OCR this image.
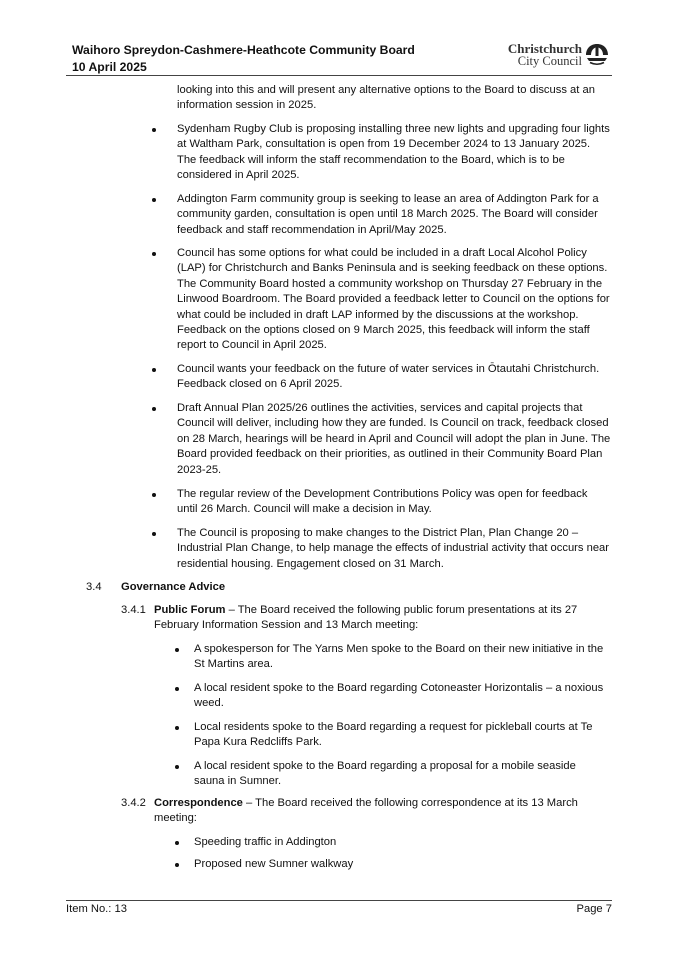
Waihoro Spreydon-Cashmere-Heathcote Community Board
10 April 2025
Christchurch
City Council
looking into this and will present any alternative options to the Board to discuss at an information session in 2025.
Sydenham Rugby Club is proposing installing three new lights and upgrading four lights at Waltham Park, consultation is open from 19 December 2024 to 13 January 2025. The feedback will inform the staff recommendation to the Board, which is to be considered in April 2025.
Addington Farm community group is seeking to lease an area of Addington Park for a community garden, consultation is open until 18 March 2025. The Board will consider feedback and staff recommendation in April/May 2025.
Council has some options for what could be included in a draft Local Alcohol Policy (LAP) for Christchurch and Banks Peninsula and is seeking feedback on these options. The Community Board hosted a community workshop on Thursday 27 February in the Linwood Boardroom. The Board provided a feedback letter to Council on the options for what could be included in draft LAP informed by the discussions at the workshop. Feedback on the options closed on 9 March 2025, this feedback will inform the staff report to Council in April 2025.
Council wants your feedback on the future of water services in Ōtautahi Christchurch. Feedback closed on 6 April 2025.
Draft Annual Plan 2025/26 outlines the activities, services and capital projects that Council will deliver, including how they are funded. Is Council on track, feedback closed on 28 March, hearings will be heard in April and Council will adopt the plan in June. The Board provided feedback on their priorities, as outlined in their Community Board Plan 2023-25.
The regular review of the Development Contributions Policy was open for feedback until 26 March. Council will make a decision in May.
The Council is proposing to make changes to the District Plan, Plan Change 20 – Industrial Plan Change, to help manage the effects of industrial activity that occurs near residential housing. Engagement closed on 31 March.
3.4 Governance Advice
3.4.1 Public Forum – The Board received the following public forum presentations at its 27 February Information Session and 13 March meeting:
A spokesperson for The Yarns Men spoke to the Board on their new initiative in the St Martins area.
A local resident spoke to the Board regarding Cotoneaster Horizontalis – a noxious weed.
Local residents spoke to the Board regarding a request for pickleball courts at Te Papa Kura Redcliffs Park.
A local resident spoke to the Board regarding a proposal for a mobile seaside sauna in Sumner.
3.4.2 Correspondence – The Board received the following correspondence at its 13 March meeting:
Speeding traffic in Addington
Proposed new Sumner walkway
Item No.: 13	Page 7
